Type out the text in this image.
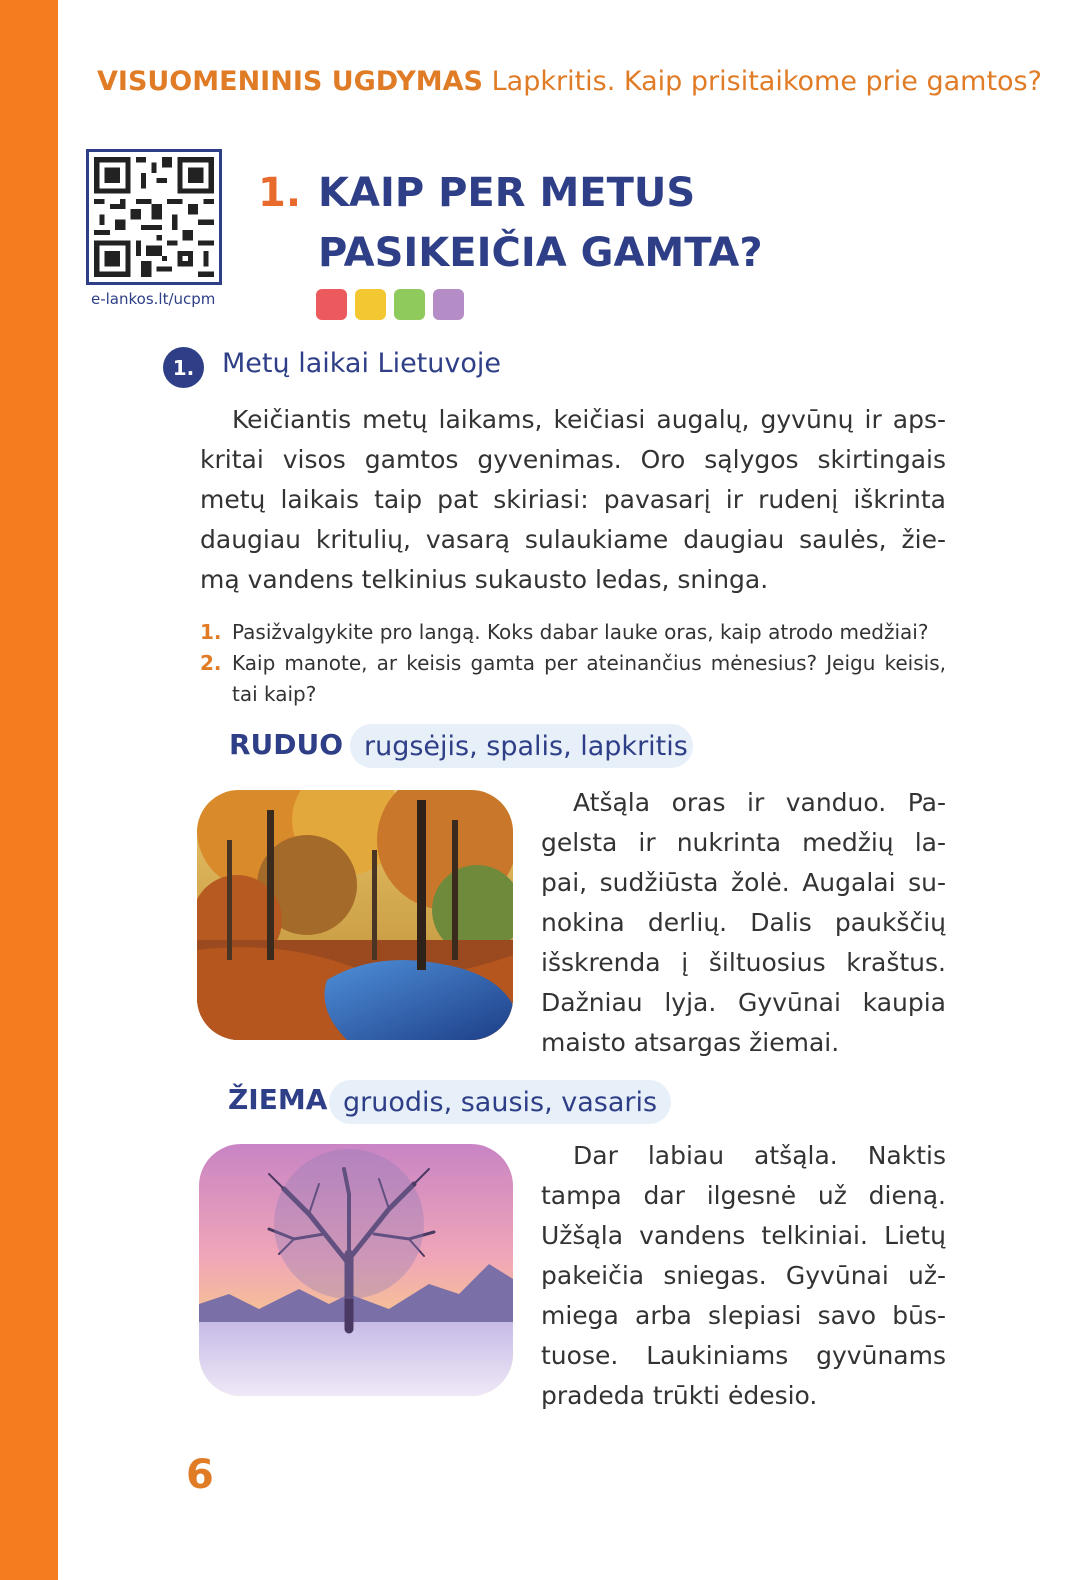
VISUOMENINIS UGDYMAS Lapkritis. Kaip prisitaikome prie gamtos?
e-lankos.lt/ucpm
1. KAIP PER METUS
PASIKEIČIA GAMTA?
1.	Metų laikai Lietuvoje
Keičiantis metų laikams, keičiasi augalų, gyvūnų ir aps-
kritai visos gamtos gyvenimas. Oro sąlygos skirtingais
metų laikais taip pat skiriasi: pavasarį ir rudenį iškrinta
daugiau kritulių, vasarą sulaukiame daugiau saulės, žie-
mą vandens telkinius sukausto ledas, sninga.
1. Pasižvalgykite pro langą. Koks dabar lauke oras, kaip atrodo medžiai?
2. Kaip manote, ar keisis gamta per ateinančius mėnesius? Jeigu keisis, tai kaip?
RUDUO rugsėjis, spalis, lapkritis
Atšąla oras ir vanduo. Pa-
gelsta ir nukrinta medžių la-
pai, sudžiūsta žolė. Augalai su-
nokina derlių. Dalis paukščių
išskrenda į šiltuosius kraštus.
Dažniau lyja. Gyvūnai kaupia
maisto atsargas žiemai.
ŽIEMA gruodis, sausis, vasaris
Dar labiau atšąla. Naktis
tampa dar ilgesnė už dieną.
Užšąla vandens telkiniai. Lietų
pakeičia sniegas. Gyvūnai už-
miega arba slepiasi savo būs-
tuose. Laukiniams gyvūnams
pradeda trūkti ėdesio.
6
